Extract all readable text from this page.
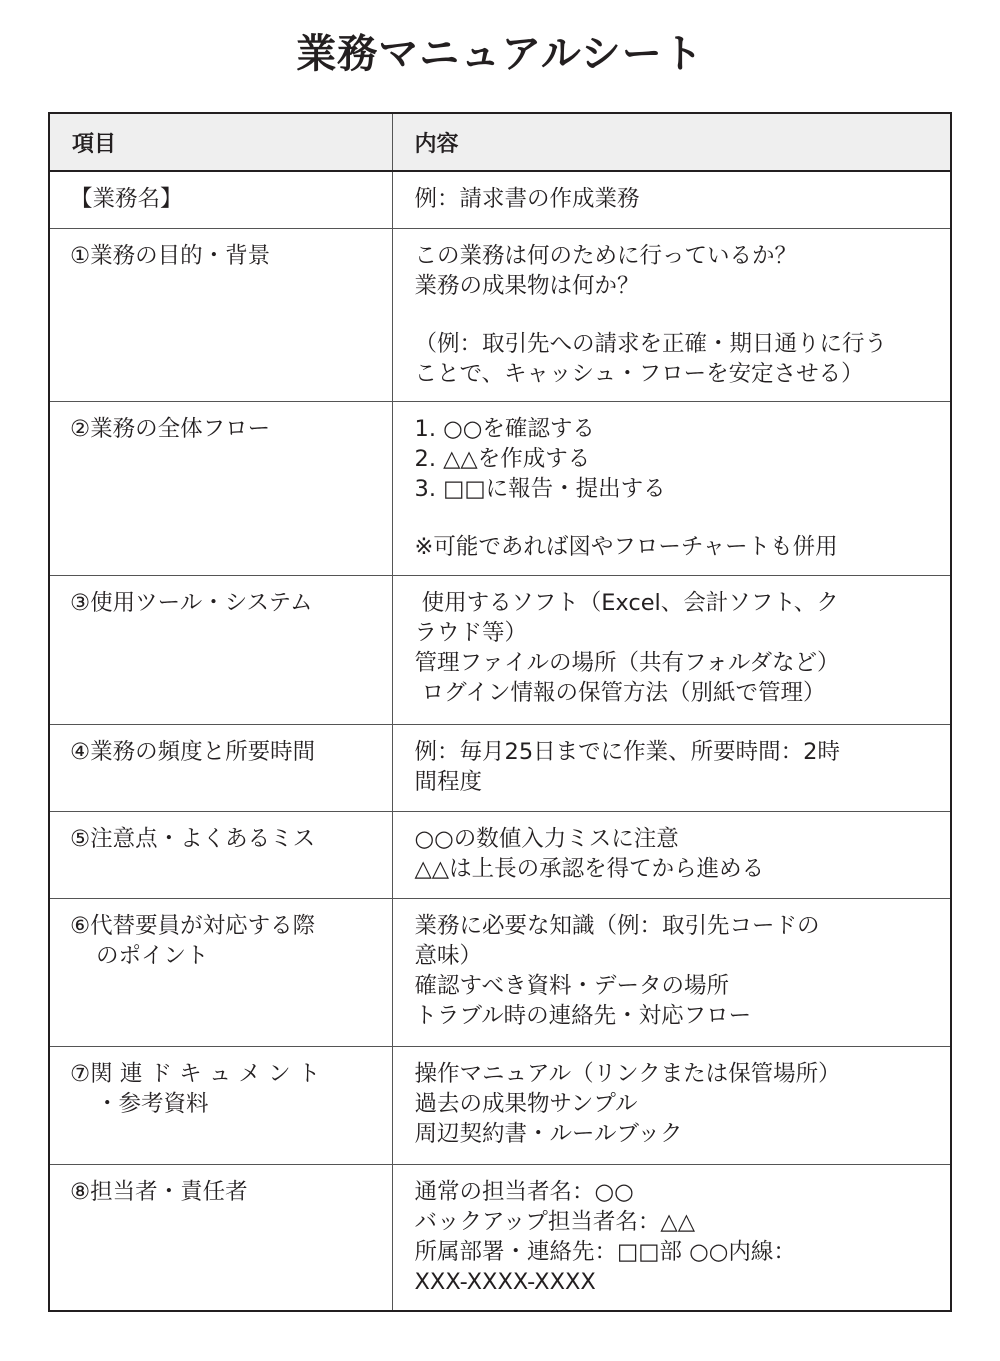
業務マニュアルシート
項目	内容

【業務名】	例：請求書の作成業務

①業務の目的・背景	この業務は何のために行っているか？
業務の成果物は何か？
（例：取引先への請求を正確・期日通りに行う
ことで、キャッシュ・フローを安定させる）

②業務の全体フロー	1. ○○を確認する
2. △△を作成する
3. □□に報告・提出する
※可能であれば図やフローチャートも併用

③使用ツール・システム	使用するソフト（Excel、会計ソフト、ク
ラウド等）
管理ファイルの場所（共有フォルダなど）
ログイン情報の保管方法（別紙で管理）

④業務の頻度と所要時間	例：毎月25日までに作業、所要時間：2時
間程度

⑤注意点・よくあるミス	○○の数値入力ミスに注意
△△は上長の承認を得てから進める

⑥代替要員が対応する際
のポイント	業務に必要な知識（例：取引先コードの
意味）
確認すべき資料・データの場所
トラブル時の連絡先・対応フロー

⑦関 連 ド キ ュ メ ン ト
・参考資料	操作マニュアル（リンクまたは保管場所）
過去の成果物サンプル
周辺契約書・ルールブック

⑧担当者・責任者	通常の担当者名：○○
バックアップ担当者名：△△
所属部署・連絡先：□□部 ○○内線：
XXX-XXXX-XXXX
